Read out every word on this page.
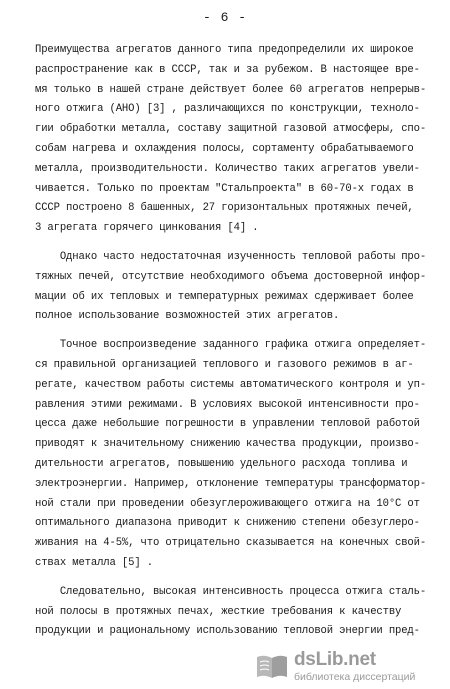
- 6 -
Преимущества агрегатов данного типа предопределили их широкое
распространение как в СССР, так и за рубежом. В настоящее вре-
мя только в нашей стране действует более 60 агрегатов непрерыв-
ного отжига (АНО) [3] , различающихся по конструкции, техноло-
гии обработки металла, составу защитной газовой атмосферы, спо-
собам нагрева и охлаждения полосы, сортаменту обрабатываемого
металла, производительности. Количество таких агрегатов увели-
чивается. Только по проектам "Стальпроекта" в 60-70-х годах в
СССР построено 8 башенных, 27 горизонтальных протяжных печей,
3 агрегата горячего цинкования [4] .
Однако часто недостаточная изученность тепловой работы про-
тяжных печей, отсутствие необходимого объема достоверной инфор-
мации об их тепловых и температурных режимах сдерживает более
полное использование возможностей этих агрегатов.
Точное воспроизведение заданного графика отжига определяет-
ся правильной организацией теплового и газового режимов в аг-
регате, качеством работы системы автоматического контроля и уп-
равления этими режимами. В условиях высокой интенсивности про-
цесса даже небольшие погрешности в управлении тепловой работой
приводят к значительному снижению качества продукции, произво-
дительности агрегатов, повышению удельного расхода топлива и
электроэнергии. Например, отклонение температуры трансформатор-
ной стали при проведении обезуглероживающего отжига на 10°С от
оптимального диапазона приводит к снижению степени обезуглеро-
живания на 4-5%, что отрицательно сказывается на конечных свой-
ствах металла [5] .
Следовательно, высокая интенсивность процесса отжига сталь-
ной полосы в протяжных печах, жесткие требования к качеству
продукции и рациональному использованию тепловой энергии пред-
dsLib.net
библиотека диссертаций
